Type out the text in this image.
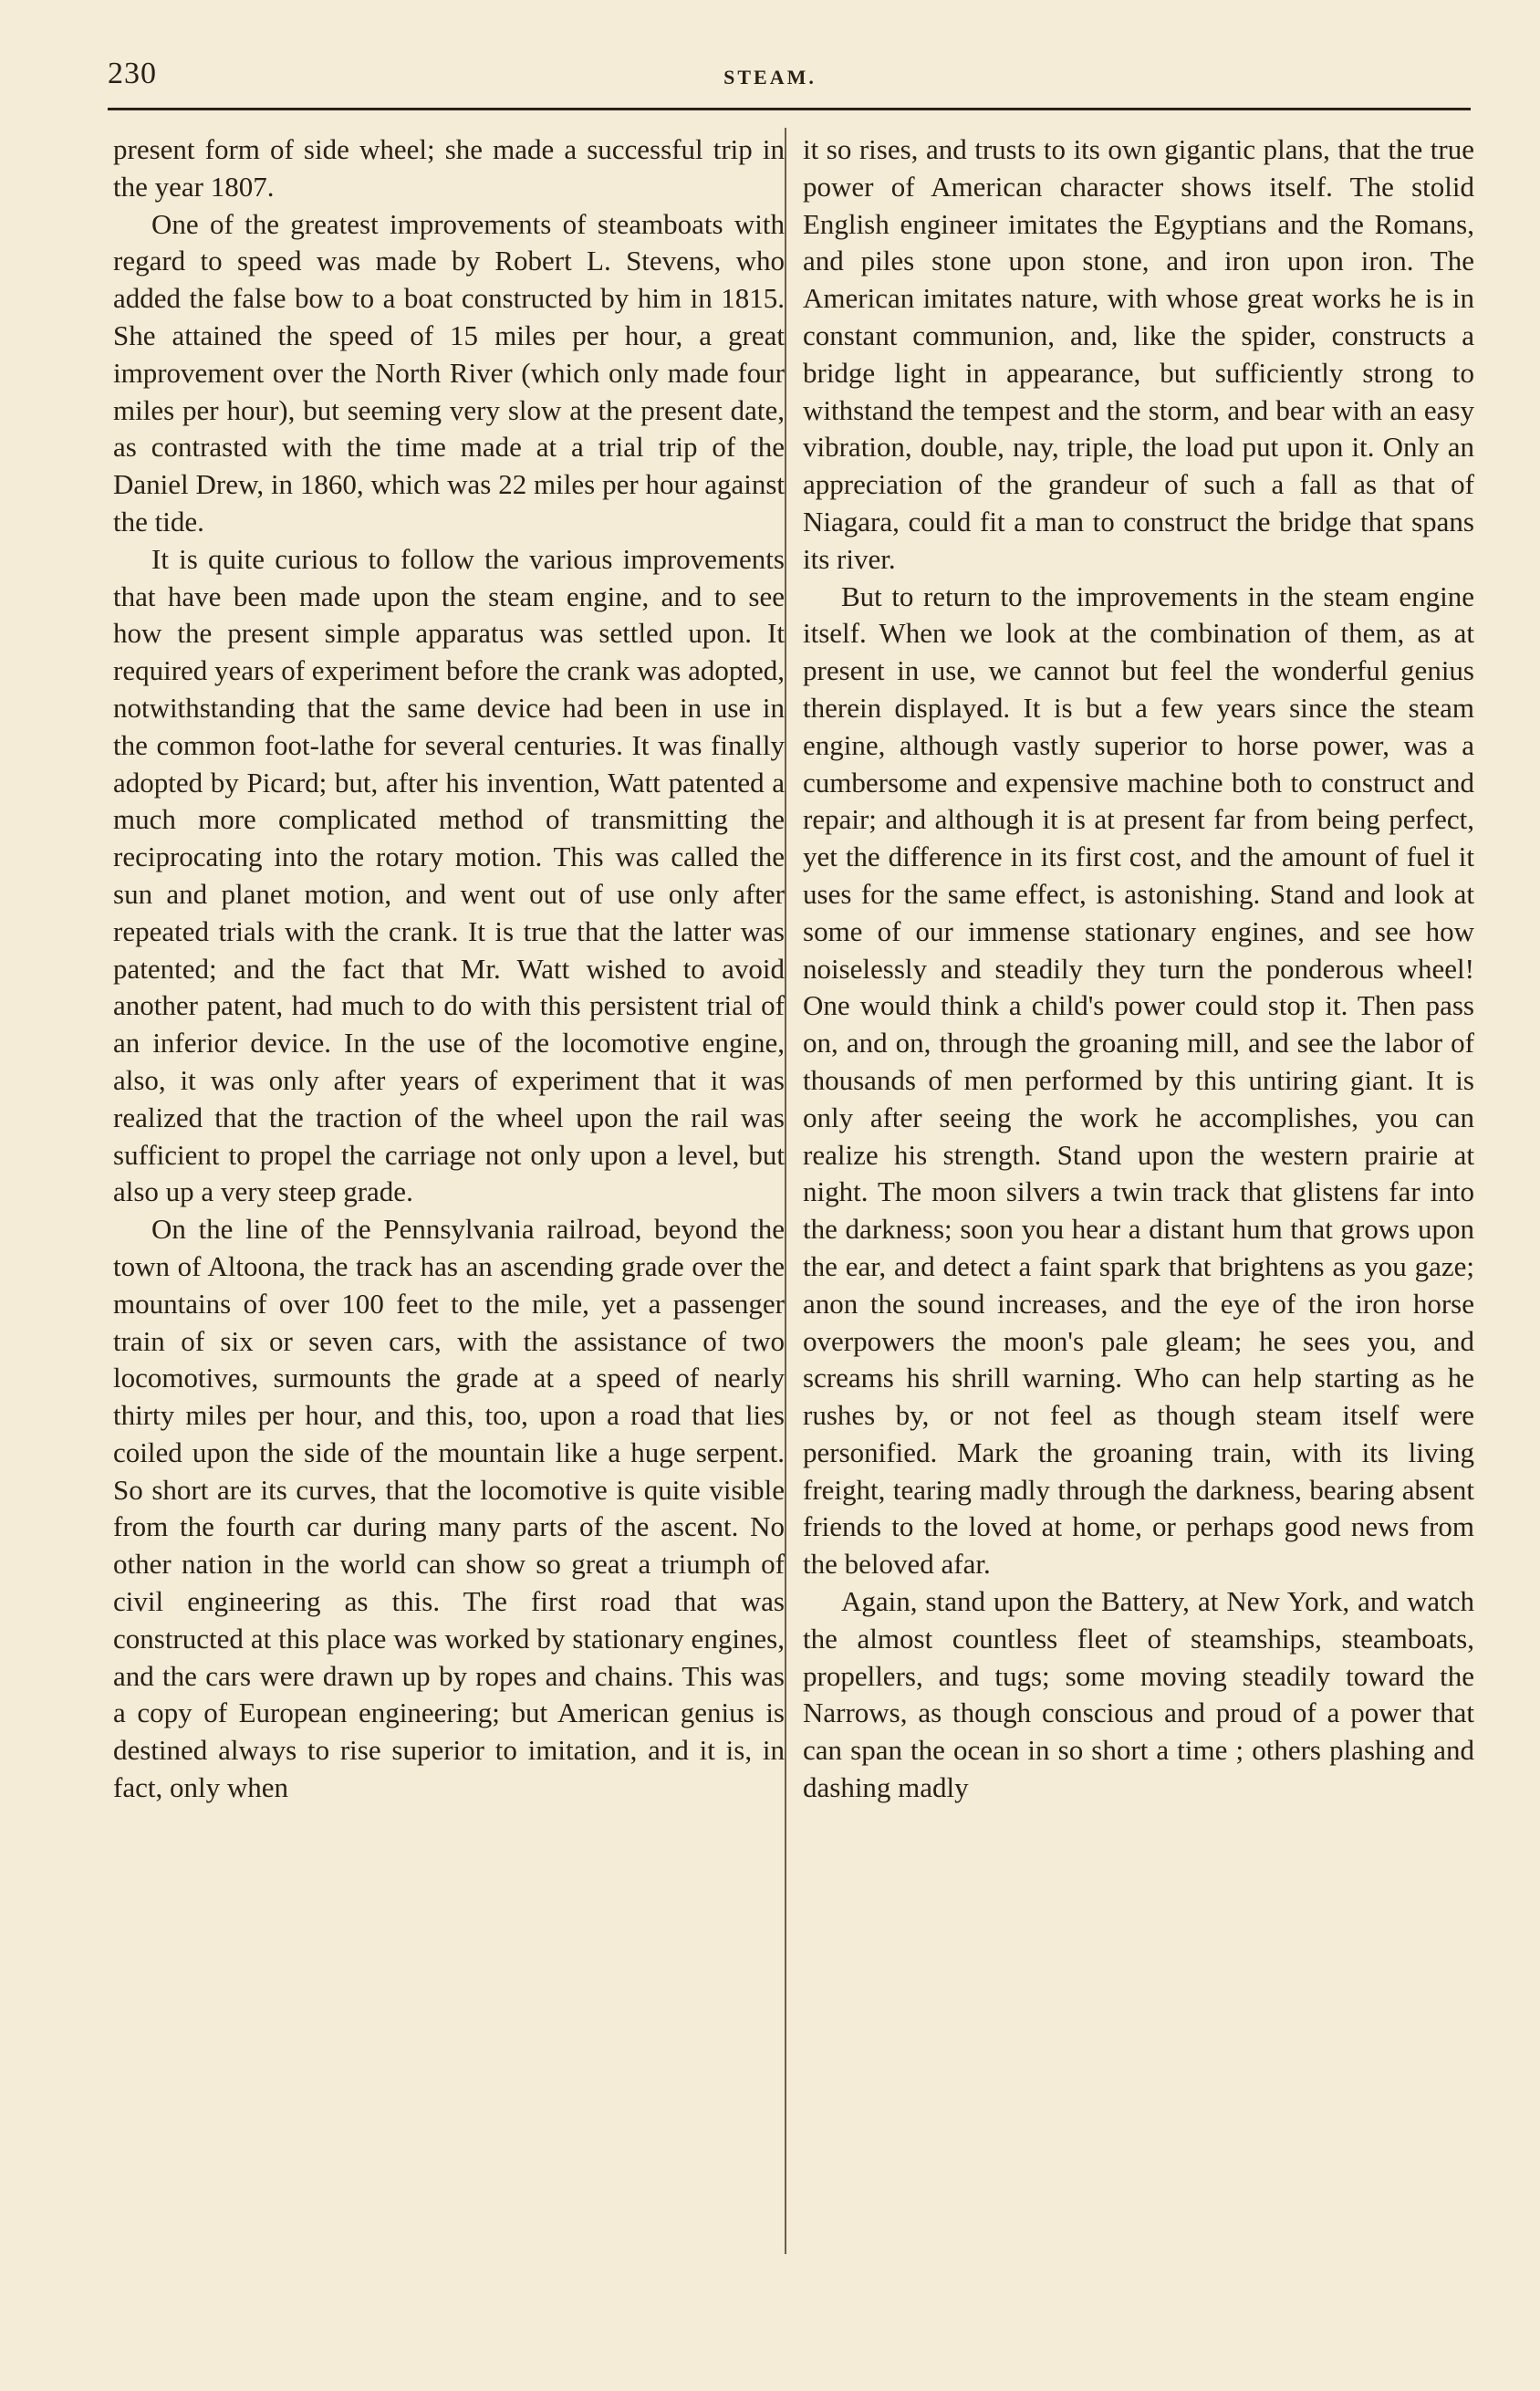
230	STEAM.

present form of side wheel; she made a successful trip in the year 1807.

One of the greatest improvements of steamboats with regard to speed was made by Robert L. Stevens, who added the false bow to a boat constructed by him in 1815. She attained the speed of 15 miles per hour, a great improvement over the North River (which only made four miles per hour), but seeming very slow at the present date, as contrasted with the time made at a trial trip of the Daniel Drew, in 1860, which was 22 miles per hour against the tide.

It is quite curious to follow the various improvements that have been made upon the steam engine, and to see how the present simple apparatus was settled upon. It required years of experiment before the crank was adopted, notwithstanding that the same device had been in use in the common foot-lathe for several centuries. It was finally adopted by Picard; but, after his invention, Watt patented a much more complicated method of transmitting the reciprocating into the rotary motion. This was called the sun and planet motion, and went out of use only after repeated trials with the crank. It is true that the latter was patented; and the fact that Mr. Watt wished to avoid another patent, had much to do with this persistent trial of an inferior device. In the use of the locomotive engine, also, it was only after years of experiment that it was realized that the traction of the wheel upon the rail was sufficient to propel the carriage not only upon a level, but also up a very steep grade.

On the line of the Pennsylvania railroad, beyond the town of Altoona, the track has an ascending grade over the mountains of over 100 feet to the mile, yet a passenger train of six or seven cars, with the assistance of two locomotives, surmounts the grade at a speed of nearly thirty miles per hour, and this, too, upon a road that lies coiled upon the side of the mountain like a huge serpent. So short are its curves, that the locomotive is quite visible from the fourth car during many parts of the ascent. No other nation in the world can show so great a triumph of civil engineering as this. The first road that was constructed at this place was worked by stationary engines, and the cars were drawn up by ropes and chains. This was a copy of European engineering; but American genius is destined always to rise superior to imitation, and it is, in fact, only when

it so rises, and trusts to its own gigantic plans, that the true power of American character shows itself. The stolid English engineer imitates the Egyptians and the Romans, and piles stone upon stone, and iron upon iron. The American imitates nature, with whose great works he is in constant communion, and, like the spider, constructs a bridge light in appearance, but sufficiently strong to withstand the tempest and the storm, and bear with an easy vibration, double, nay, triple, the load put upon it. Only an appreciation of the grandeur of such a fall as that of Niagara, could fit a man to construct the bridge that spans its river.

But to return to the improvements in the steam engine itself. When we look at the combination of them, as at present in use, we cannot but feel the wonderful genius therein displayed. It is but a few years since the steam engine, although vastly superior to horse power, was a cumbersome and expensive machine both to construct and repair; and although it is at present far from being perfect, yet the difference in its first cost, and the amount of fuel it uses for the same effect, is astonishing. Stand and look at some of our immense stationary engines, and see how noiselessly and steadily they turn the ponderous wheel! One would think a child's power could stop it. Then pass on, and on, through the groaning mill, and see the labor of thousands of men performed by this untiring giant. It is only after seeing the work he accomplishes, you can realize his strength. Stand upon the western prairie at night. The moon silvers a twin track that glistens far into the darkness; soon you hear a distant hum that grows upon the ear, and detect a faint spark that brightens as you gaze; anon the sound increases, and the eye of the iron horse overpowers the moon's pale gleam; he sees you, and screams his shrill warning. Who can help starting as he rushes by, or not feel as though steam itself were personified. Mark the groaning train, with its living freight, tearing madly through the darkness, bearing absent friends to the loved at home, or perhaps good news from the beloved afar.

Again, stand upon the Battery, at New York, and watch the almost countless fleet of steamships, steamboats, propellers, and tugs; some moving steadily toward the Narrows, as though conscious and proud of a power that can span the ocean in so short a time ; others plashing and dashing madly
